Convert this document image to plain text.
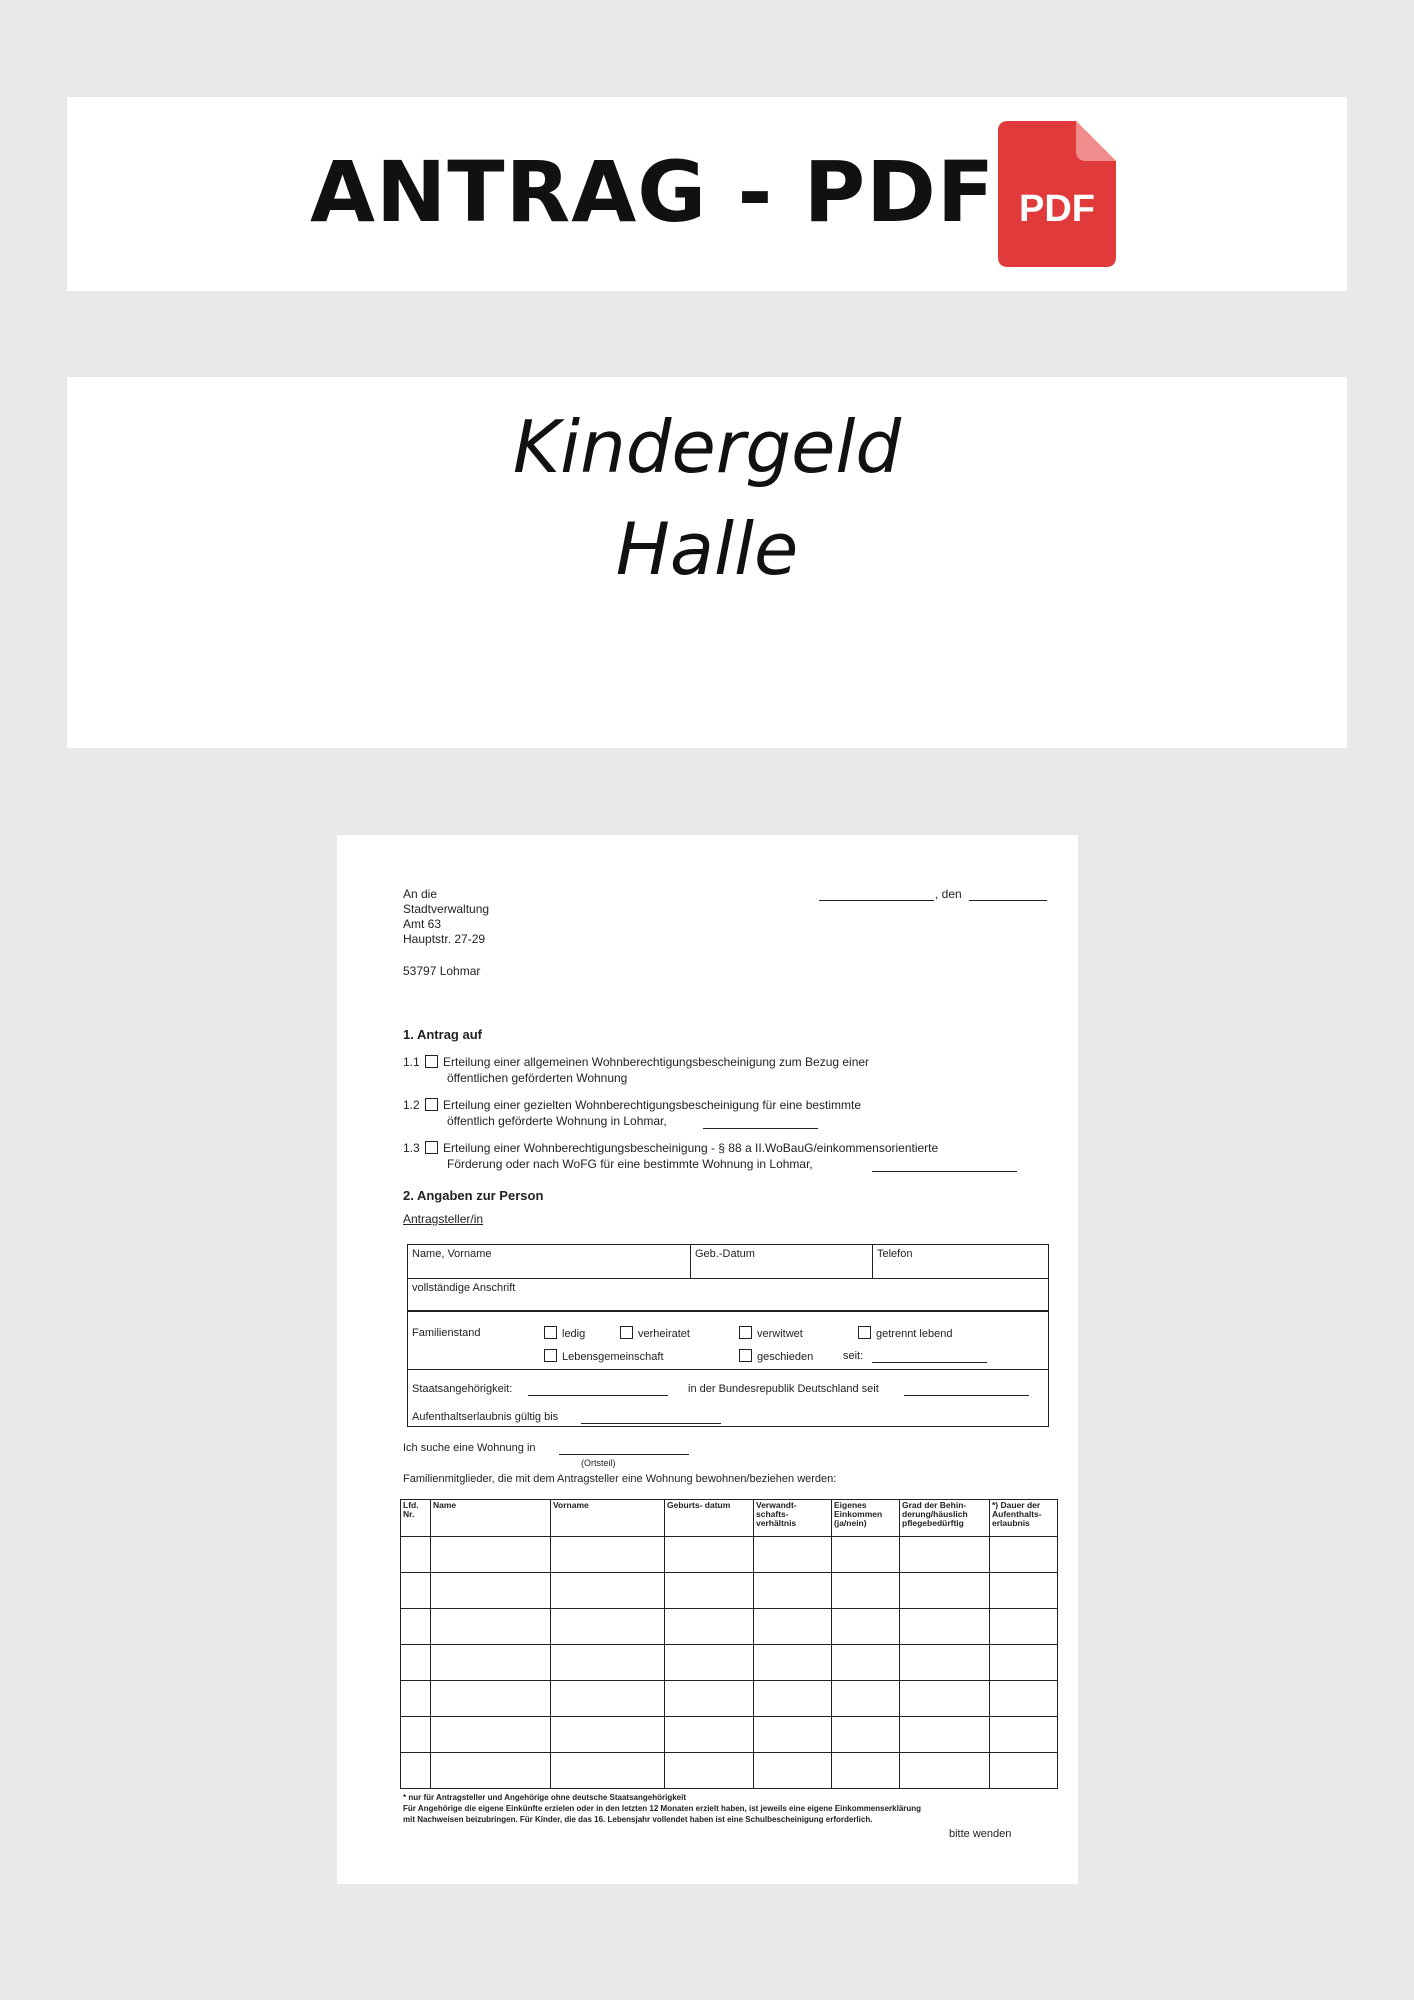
ANTRAG - PDF PDF
Kindergeld
Halle
An die
Stadtverwaltung
Amt 63
Hauptstr. 27-29
53797 Lohmar
, den
1. Antrag auf
1.1	Erteilung einer allgemeinen Wohnberechtigungsbescheinigung zum Bezug einer
öffentlichen geförderten Wohnung
1.2	Erteilung einer gezielten Wohnberechtigungsbescheinigung für eine bestimmte
öffentlich geförderte Wohnung in Lohmar,
1.3	Erteilung einer Wohnberechtigungsbescheinigung - § 88 a II.WoBauG/einkommensorientierte
Förderung oder nach WoFG für eine bestimmte Wohnung in Lohmar,
2. Angaben zur Person
Antragsteller/in
Name, Vorname	Geb.-Datum	Telefon
vollständige Anschrift
Familienstand	ledig	verheiratet	verwitwet	getrennt lebend
Lebensgemeinschaft	geschieden	seit:
Staatsangehörigkeit:	in der Bundesrepublik Deutschland seit
Aufenthaltserlaubnis gültig bis
Ich suche eine Wohnung in
(Ortsteil)
Familienmitglieder, die mit dem Antragsteller eine Wohnung bewohnen/beziehen werden:
Lfd. Nr.	Name	Vorname	Geburts- datum	Verwandt- schafts- verhältnis	Eigenes Einkommen (ja/nein)	Grad der Behin- derung/häuslich pflegebedürftig	*) Dauer der Aufenthalts- erlaubnis

* nur für Antragsteller und Angehörige ohne deutsche Staatsangehörigkeit
Für Angehörige die eigene Einkünfte erzielen oder in den letzten 12 Monaten erzielt haben, ist jeweils eine eigene Einkommenserklärung
mit Nachweisen beizubringen. Für Kinder, die das 16. Lebensjahr vollendet haben ist eine Schulbescheinigung erforderlich.
bitte wenden
